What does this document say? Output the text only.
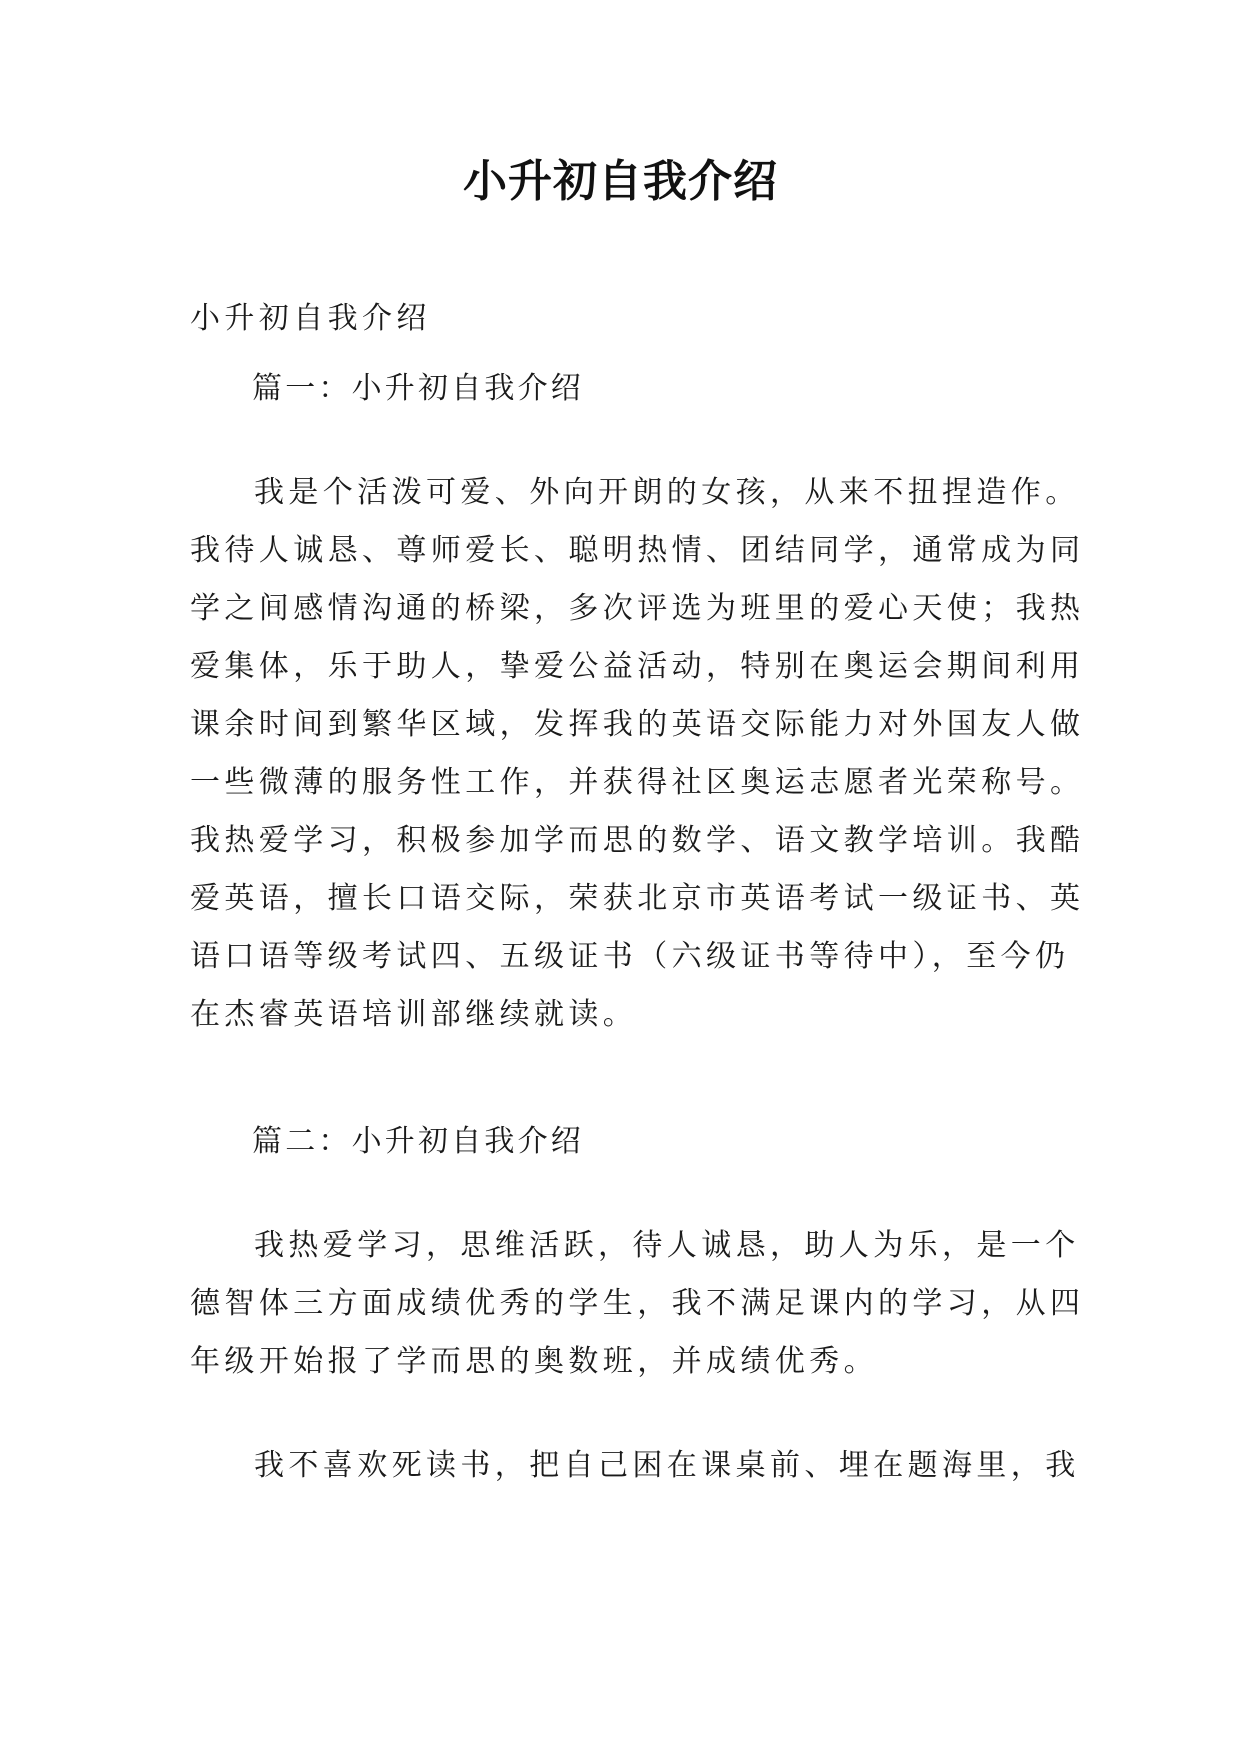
小升初自我介绍
小升初自我介绍
篇一：小升初自我介绍
我是个活泼可爱、外向开朗的女孩，从来不扭捏造作。
我待人诚恳、尊师爱长、聪明热情、团结同学，通常成为同
学之间感情沟通的桥梁，多次评选为班里的爱心天使；我热
爱集体，乐于助人，挚爱公益活动，特别在奥运会期间利用
课余时间到繁华区域，发挥我的英语交际能力对外国友人做
一些微薄的服务性工作，并获得社区奥运志愿者光荣称号。
我热爱学习，积极参加学而思的数学、语文教学培训。我酷
爱英语，擅长口语交际，荣获北京市英语考试一级证书、英
语口语等级考试四、五级证书（六级证书等待中），至今仍
在杰睿英语培训部继续就读。
篇二：小升初自我介绍
我热爱学习，思维活跃，待人诚恳，助人为乐，是一个
德智体三方面成绩优秀的学生，我不满足课内的学习，从四
年级开始报了学而思的奥数班，并成绩优秀。
我不喜欢死读书，把自己困在课桌前、埋在题海里，我
